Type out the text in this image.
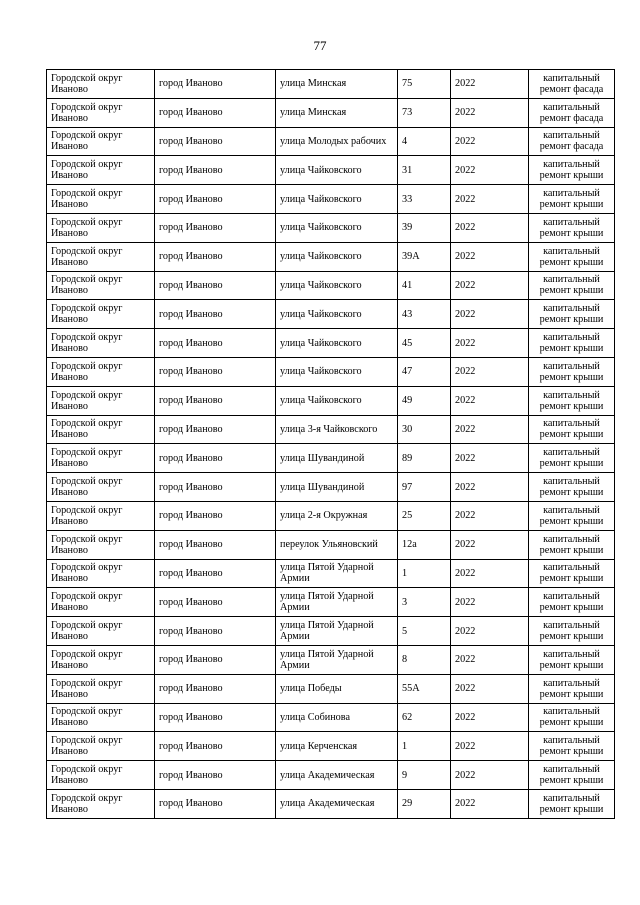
77
Городской округ Иваново	город Иваново	улица Минская	75	2022	капитальный ремонт фасада
Городской округ Иваново	город Иваново	улица Минская	73	2022	капитальный ремонт фасада
Городской округ Иваново	город Иваново	улица Молодых рабочих	4	2022	капитальный ремонт фасада
Городской округ Иваново	город Иваново	улица Чайковского	31	2022	капитальный ремонт крыши
Городской округ Иваново	город Иваново	улица Чайковского	33	2022	капитальный ремонт крыши
Городской округ Иваново	город Иваново	улица Чайковского	39	2022	капитальный ремонт крыши
Городской округ Иваново	город Иваново	улица Чайковского	39А	2022	капитальный ремонт крыши
Городской округ Иваново	город Иваново	улица Чайковского	41	2022	капитальный ремонт крыши
Городской округ Иваново	город Иваново	улица Чайковского	43	2022	капитальный ремонт крыши
Городской округ Иваново	город Иваново	улица Чайковского	45	2022	капитальный ремонт крыши
Городской округ Иваново	город Иваново	улица Чайковского	47	2022	капитальный ремонт крыши
Городской округ Иваново	город Иваново	улица Чайковского	49	2022	капитальный ремонт крыши
Городской округ Иваново	город Иваново	улица 3-я Чайковского	30	2022	капитальный ремонт крыши
Городской округ Иваново	город Иваново	улица Шувандиной	89	2022	капитальный ремонт крыши
Городской округ Иваново	город Иваново	улица Шувандиной	97	2022	капитальный ремонт крыши
Городской округ Иваново	город Иваново	улица 2-я Окружная	25	2022	капитальный ремонт крыши
Городской округ Иваново	город Иваново	переулок Ульяновский	12а	2022	капитальный ремонт крыши
Городской округ Иваново	город Иваново	улица Пятой Ударной Армии	1	2022	капитальный ремонт крыши
Городской округ Иваново	город Иваново	улица Пятой Ударной Армии	3	2022	капитальный ремонт крыши
Городской округ Иваново	город Иваново	улица Пятой Ударной Армии	5	2022	капитальный ремонт крыши
Городской округ Иваново	город Иваново	улица Пятой Ударной Армии	8	2022	капитальный ремонт крыши
Городской округ Иваново	город Иваново	улица Победы	55А	2022	капитальный ремонт крыши
Городской округ Иваново	город Иваново	улица Собинова	62	2022	капитальный ремонт крыши
Городской округ Иваново	город Иваново	улица Керченская	1	2022	капитальный ремонт крыши
Городской округ Иваново	город Иваново	улица Академическая	9	2022	капитальный ремонт крыши
Городской округ Иваново	город Иваново	улица Академическая	29	2022	капитальный ремонт крыши
